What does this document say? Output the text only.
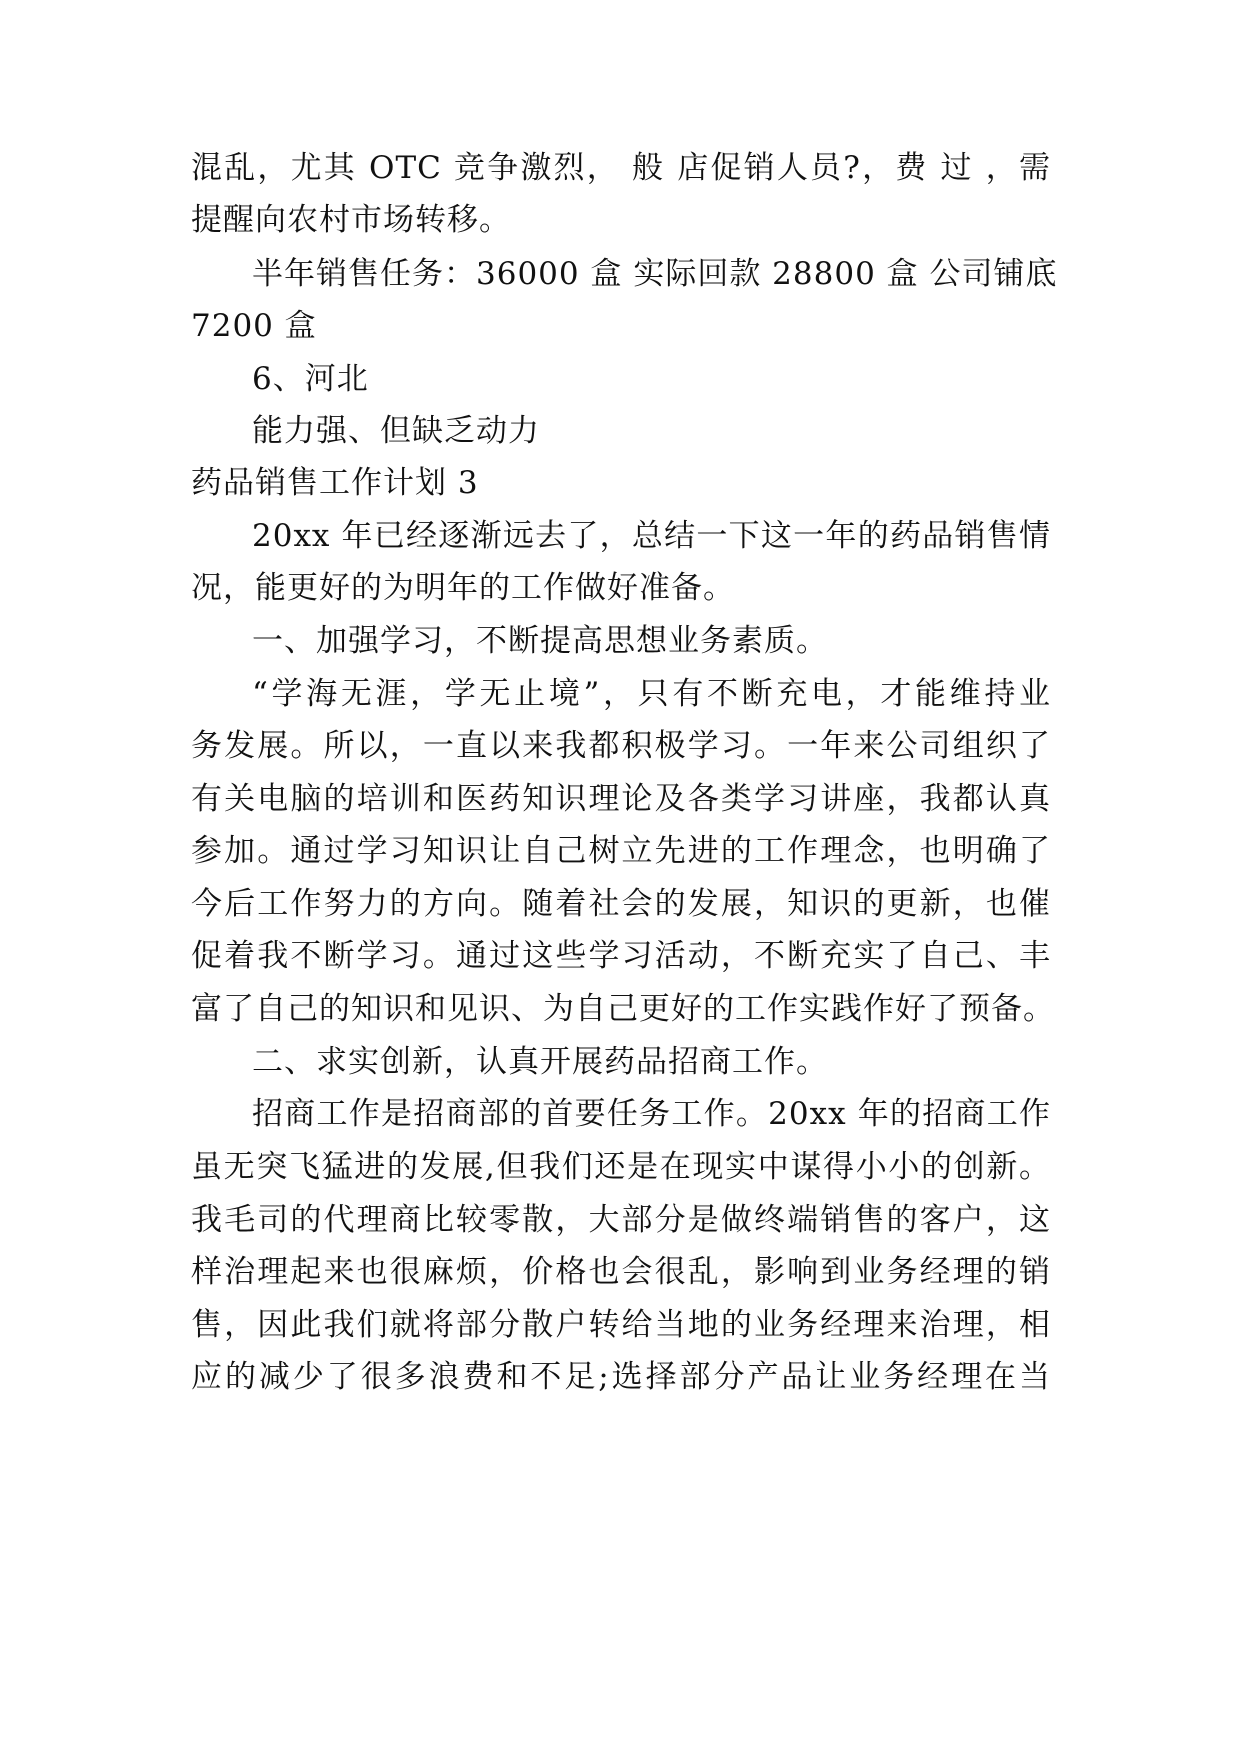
混乱，尤其 OTC 竞争激烈， 般 店促销人员?，费 过 ，需
提醒向农村市场转移。
半年销售任务：36000 盒 实际回款 28800 盒 公司铺底
7200 盒
6、河北
能力强、但缺乏动力
药品销售工作计划 3
20xx 年已经逐渐远去了，总结一下这一年的药品销售情
况，能更好的为明年的工作做好准备。
一、加强学习，不断提高思想业务素质。
“学海无涯，学无止境”，只有不断充电，才能维持业
务发展。所以，一直以来我都积极学习。一年来公司组织了
有关电脑的培训和医药知识理论及各类学习讲座，我都认真
参加。通过学习知识让自己树立先进的工作理念，也明确了
今后工作努力的方向。随着社会的发展，知识的更新，也催
促着我不断学习。通过这些学习活动，不断充实了自己、丰
富了自己的知识和见识、为自己更好的工作实践作好了预备。
二、求实创新，认真开展药品招商工作。
招商工作是招商部的首要任务工作。20xx 年的招商工作
虽无突飞猛进的发展,但我们还是在现实中谋得小小的创新。
我毛司的代理商比较零散，大部分是做终端销售的客户，这
样治理起来也很麻烦，价格也会很乱，影响到业务经理的销
售，因此我们就将部分散户转给当地的业务经理来治理，相
应的减少了很多浪费和不足;选择部分产品让业务经理在当
